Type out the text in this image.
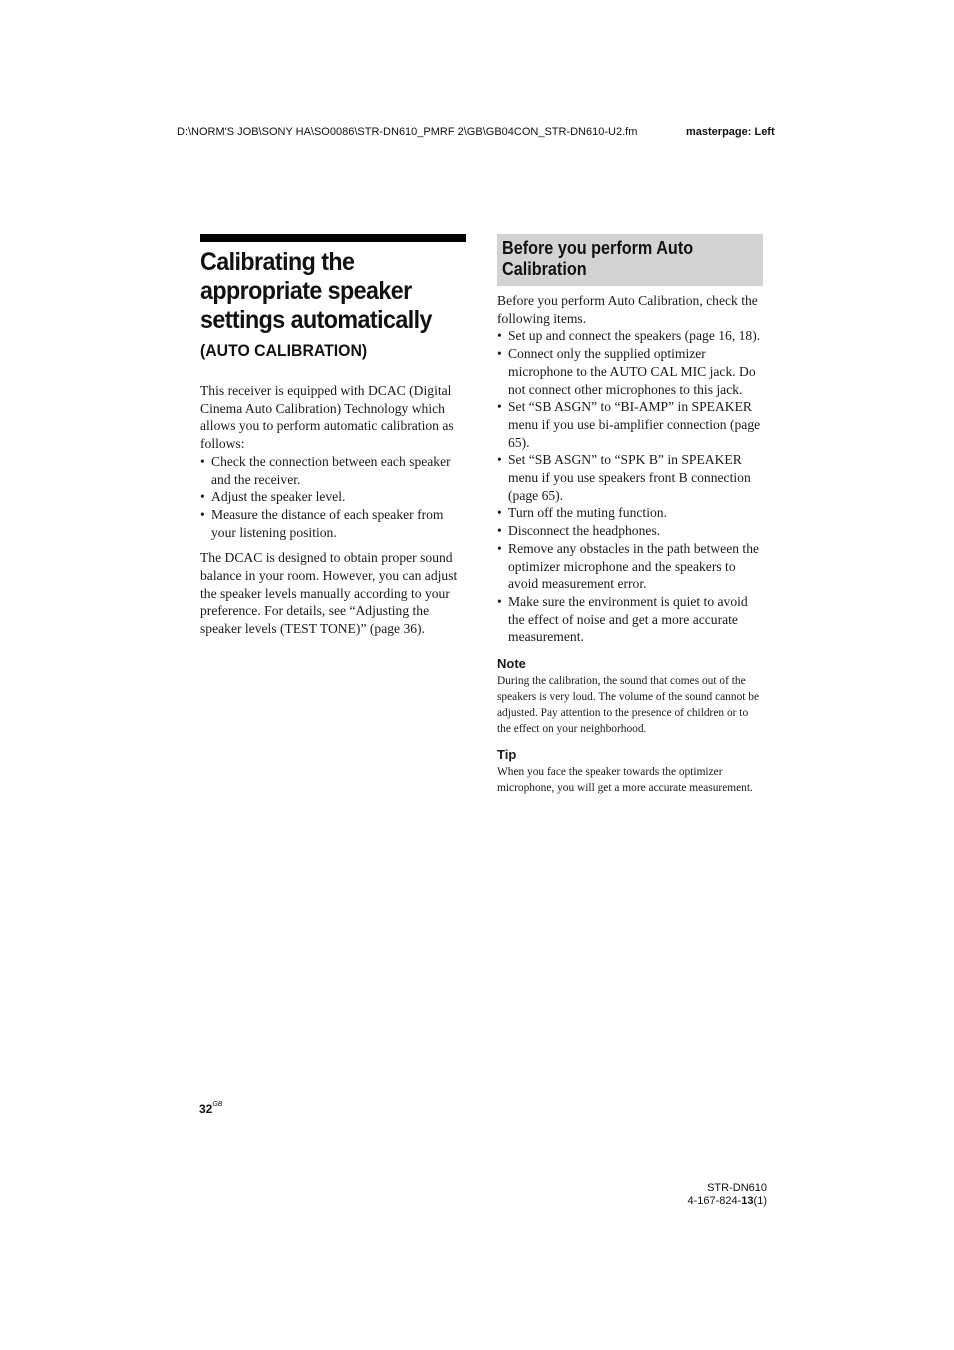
D:\NORM'S JOB\SONY HA\SO0086\STR-DN610_PMRF 2\GB\GB04CON_STR-DN610-U2.fm	masterpage: Left
Calibrating the appropriate speaker settings automatically
(AUTO CALIBRATION)

This receiver is equipped with DCAC (Digital Cinema Auto Calibration) Technology which allows you to perform automatic calibration as follows:

• Check the connection between each speaker and the receiver.
• Adjust the speaker level.
• Measure the distance of each speaker from your listening position.

The DCAC is designed to obtain proper sound balance in your room. However, you can adjust the speaker levels manually according to your preference. For details, see “Adjusting the speaker levels (TEST TONE)” (page 36).

Before you perform Auto Calibration

Before you perform Auto Calibration, check the following items.

• Set up and connect the speakers (page 16, 18).
• Connect only the supplied optimizer microphone to the AUTO CAL MIC jack. Do not connect other microphones to this jack.
• Set “SB ASGN” to “BI-AMP” in SPEAKER menu if you use bi-amplifier connection (page 65).
• Set “SB ASGN” to “SPK B” in SPEAKER menu if you use speakers front B connection (page 65).
• Turn off the muting function.
• Disconnect the headphones.
• Remove any obstacles in the path between the optimizer microphone and the speakers to avoid measurement error.
• Make sure the environment is quiet to avoid the effect of noise and get a more accurate measurement.
Note

During the calibration, the sound that comes out of the speakers is very loud. The volume of the sound cannot be adjusted. Pay attention to the presence of children or to the effect on your neighborhood.

Tip

When you face the speaker towards the optimizer microphone, you will get a more accurate measurement.

$32^{GB}$
STR-DN610
4-167-824-13(1)
